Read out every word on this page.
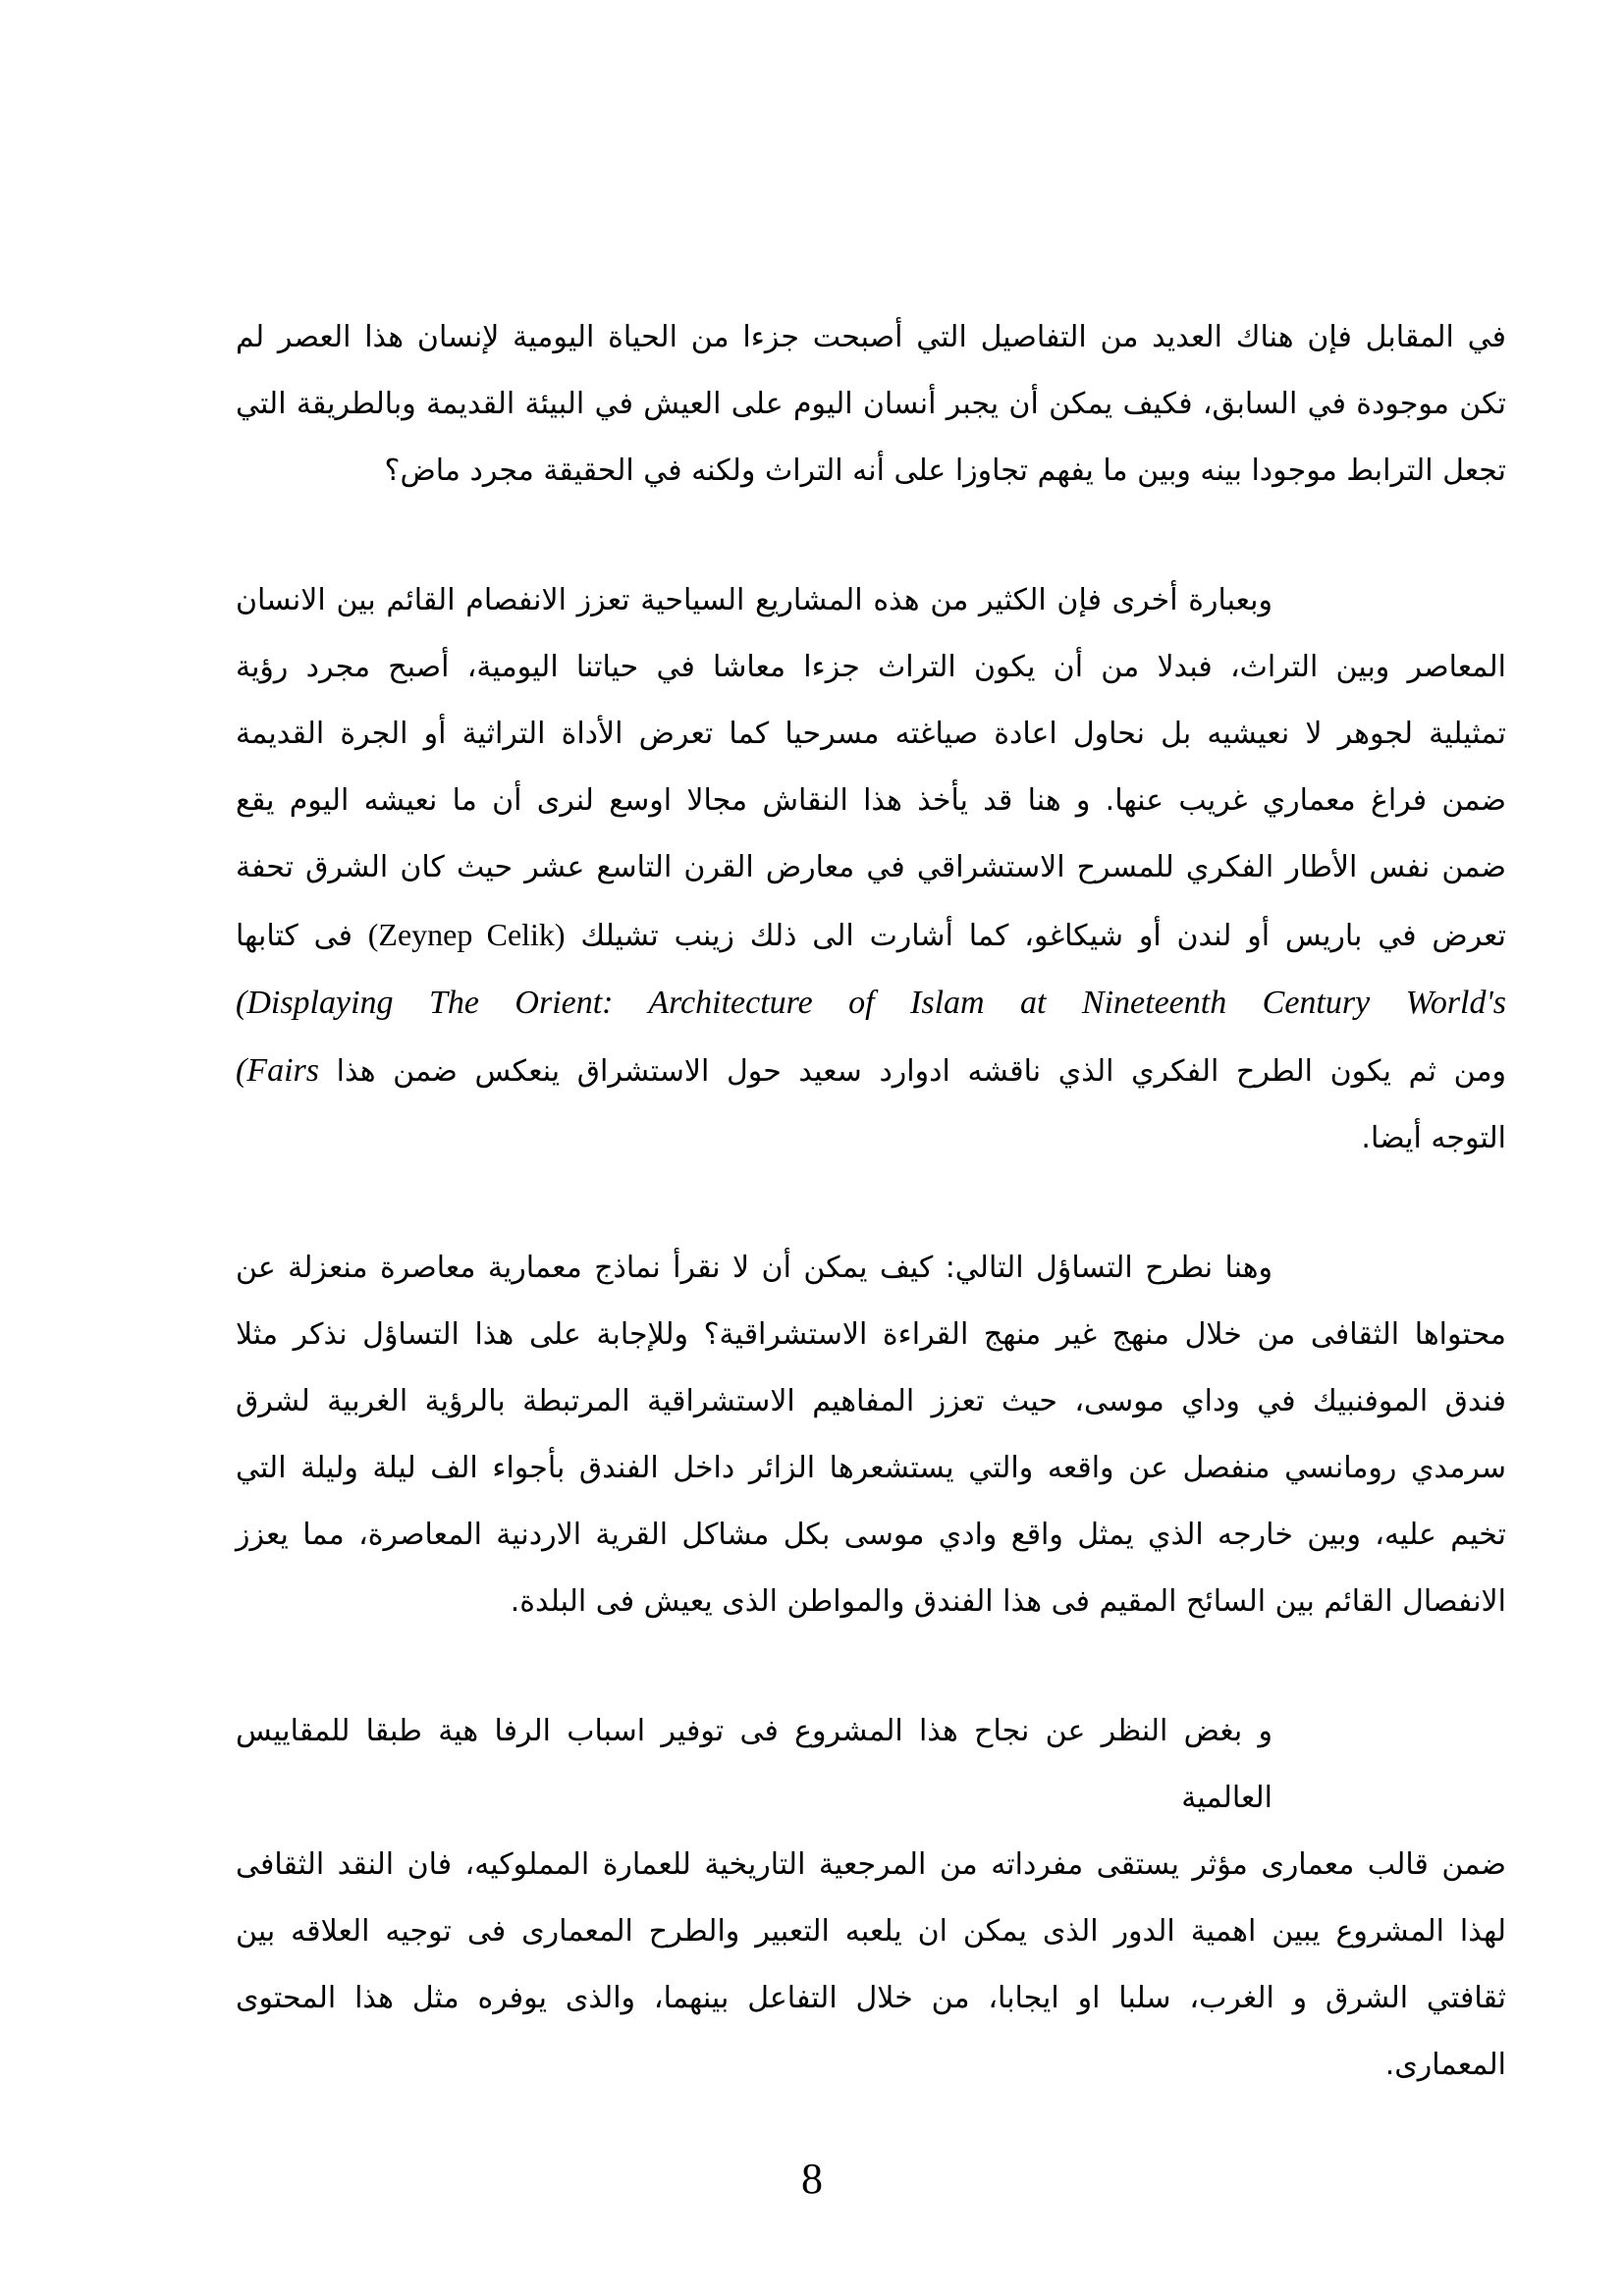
في المقابل فإن هناك العديد من التفاصيل التي أصبحت جزءا من الحياة اليومية لإنسان هذا العصر لم
تكن موجودة في السابق، فكيف يمكن أن يجبر أنسان اليوم على العيش في البيئة القديمة وبالطريقة التي
تجعل الترابط موجودا بينه وبين ما يفهم تجاوزا على أنه التراث ولكنه في الحقيقة مجرد ماض؟
وبعبارة أخرى فإن الكثير من هذه المشاريع السياحية تعزز الانفصام القائم بين الانسان
المعاصر وبين التراث، فبدلا من أن يكون التراث جزءا معاشا في حياتنا اليومية، أصبح مجرد رؤية
تمثيلية لجوهر لا نعيشيه بل نحاول اعادة صياغته مسرحيا كما تعرض الأداة التراثية أو الجرة القديمة
ضمن فراغ معماري غريب عنها. و هنا قد يأخذ هذا النقاش مجالا اوسع لنرى أن ما نعيشه اليوم يقع
ضمن نفس الأطار الفكري للمسرح الاستشراقي في معارض القرن التاسع عشر حيث كان الشرق تحفة
تعرض في باريس أو لندن أو شيكاغو، كما أشارت الى ذلك زينب تشيلك (Zeynep Celik) فى كتابها
(Displaying The Orient: Architecture of Islam at Nineteenth Century World's
ومن ثم يكون الطرح الفكري الذي ناقشه ادوارد سعيد حول الاستشراق ينعكس ضمن هذا (Fairs
التوجه أيضا.
وهنا نطرح التساؤل التالي: كيف يمكن أن لا نقرأ نماذج معمارية معاصرة منعزلة عن
محتواها الثقافى من خلال منهج غير منهج القراءة الاستشراقية؟ وللإجابة على هذا التساؤل نذكر مثلا
فندق الموفنبيك في وداي موسى، حيث تعزز المفاهيم الاستشراقية المرتبطة بالرؤية الغربية لشرق
سرمدي رومانسي منفصل عن واقعه والتي يستشعرها الزائر داخل الفندق بأجواء الف ليلة وليلة التي
تخيم عليه، وبين خارجه الذي يمثل واقع وادي موسى بكل مشاكل القرية الاردنية المعاصرة، مما يعزز
الانفصال القائم بين السائح المقيم فى هذا الفندق والمواطن الذى يعيش فى البلدة.
و بغض النظر عن نجاح هذا المشروع فى توفير اسباب الرفا هية طبقا للمقاييس العالمية
ضمن قالب معمارى مؤثر يستقى مفرداته من المرجعية التاريخية للعمارة المملوكيه، فان النقد الثقافى
لهذا المشروع يبين اهمية الدور الذى يمكن ان يلعبه التعبير والطرح المعمارى فى توجيه العلاقه بين
ثقافتي الشرق و الغرب، سلبا او ايجابا، من خلال التفاعل بينهما، والذى يوفره مثل هذا المحتوى
المعمارى.
8
